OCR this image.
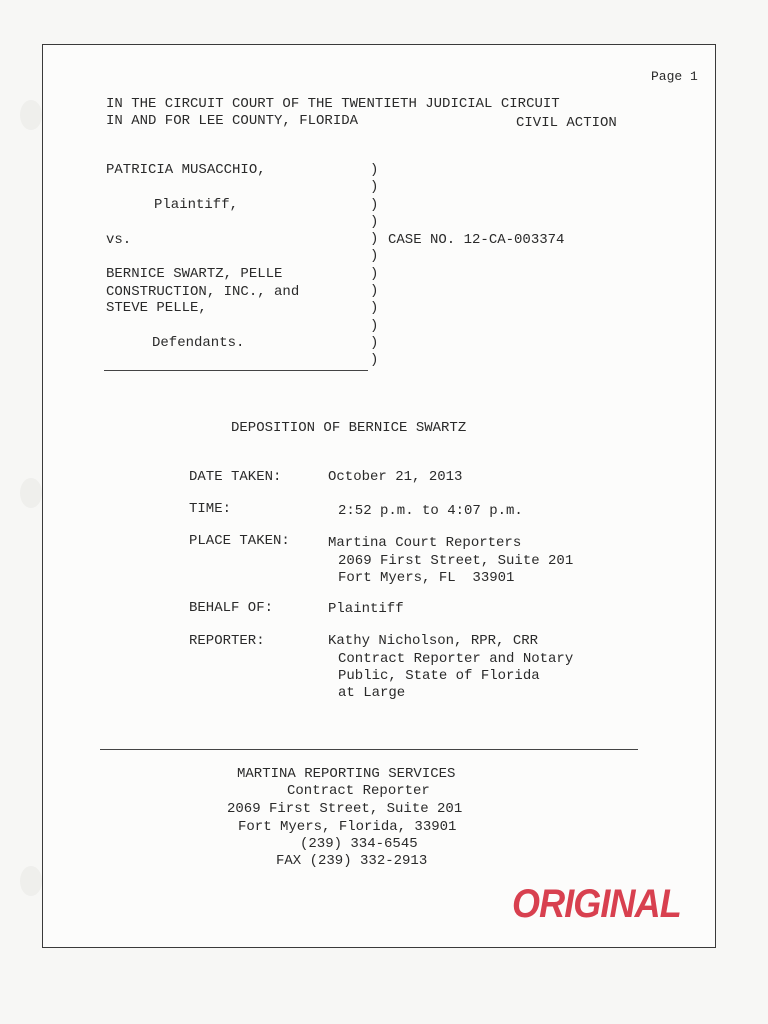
Page 1
IN THE CIRCUIT COURT OF THE TWENTIETH JUDICIAL CIRCUIT
IN AND FOR LEE COUNTY, FLORIDA	CIVIL ACTION
PATRICIA MUSACCHIO,
Plaintiff,
vs.
BERNICE SWARTZ, PELLE
CONSTRUCTION, INC., and
STEVE PELLE,
Defendants.
)
)
)
)
)
)
)
)
)
)
)
)
CASE NO. 12-CA-003374
DEPOSITION OF BERNICE SWARTZ
DATE TAKEN:	October 21, 2013
TIME:	2:52 p.m. to 4:07 p.m.
PLACE TAKEN:	Martina Court Reporters
2069 First Street, Suite 201
Fort Myers, FL  33901
BEHALF OF:	Plaintiff
REPORTER:	Kathy Nicholson, RPR, CRR
Contract Reporter and Notary
Public, State of Florida
at Large
MARTINA REPORTING SERVICES
Contract Reporter
2069 First Street, Suite 201
Fort Myers, Florida, 33901
(239) 334-6545
FAX (239) 332-2913
ORIGINAL
